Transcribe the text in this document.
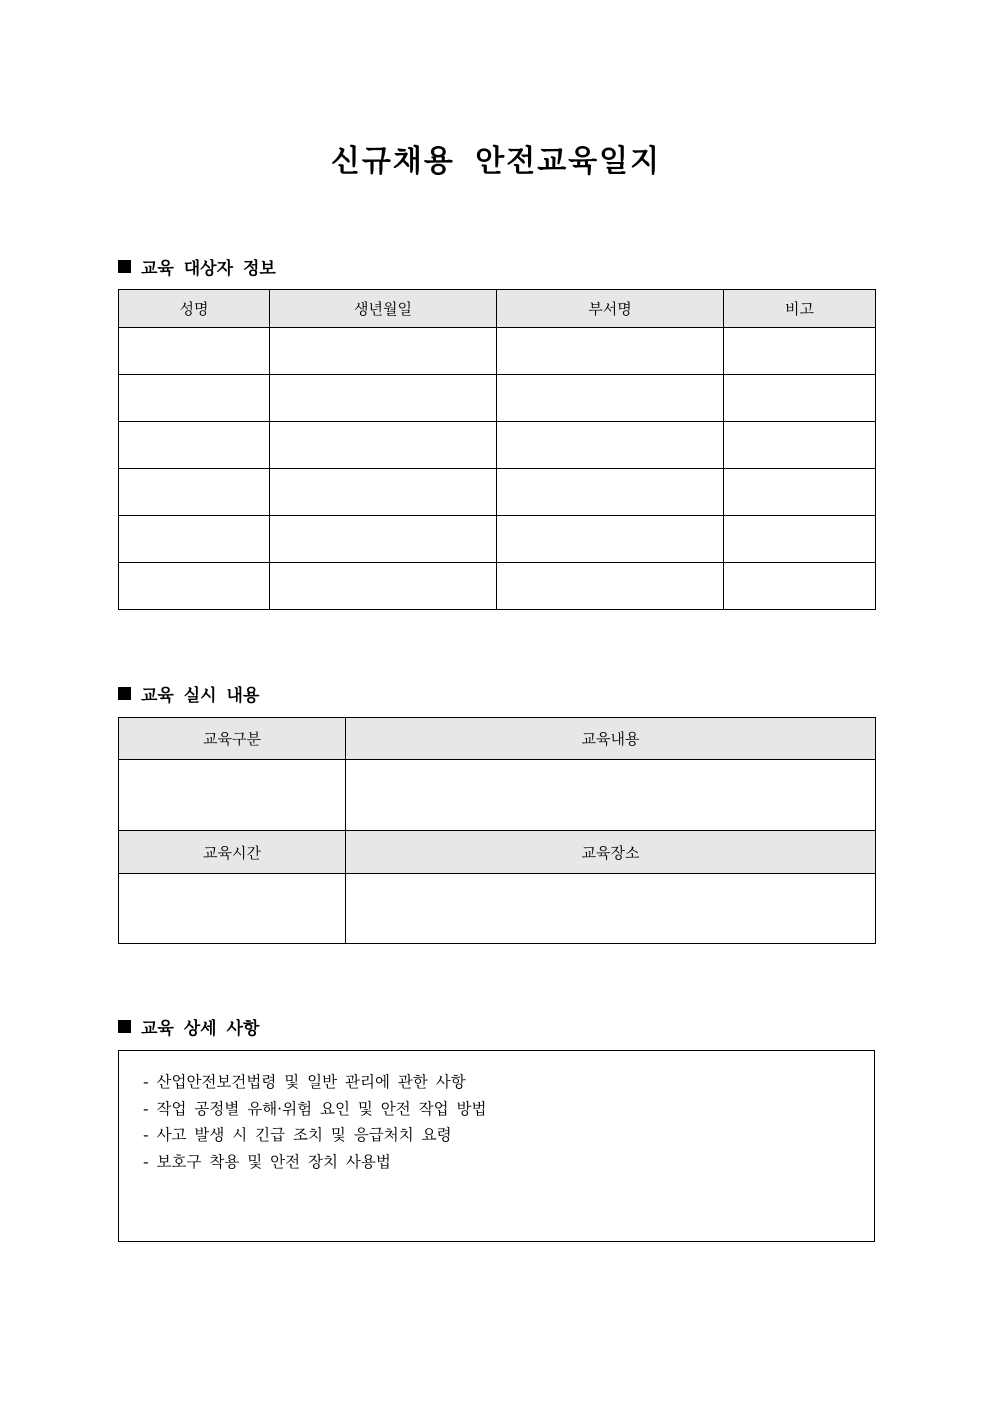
신규채용 안전교육일지
교육 대상자 정보
성명	생년월일	부서명	비고

교육 실시 내용
교육구분	교육내용

교육시간	교육장소

교육 상세 사항
- 산업안전보건법령 및 일반 관리에 관한 사항
- 작업 공정별 유해·위험 요인 및 안전 작업 방법
- 사고 발생 시 긴급 조치 및 응급처치 요령
- 보호구 착용 및 안전 장치 사용법
